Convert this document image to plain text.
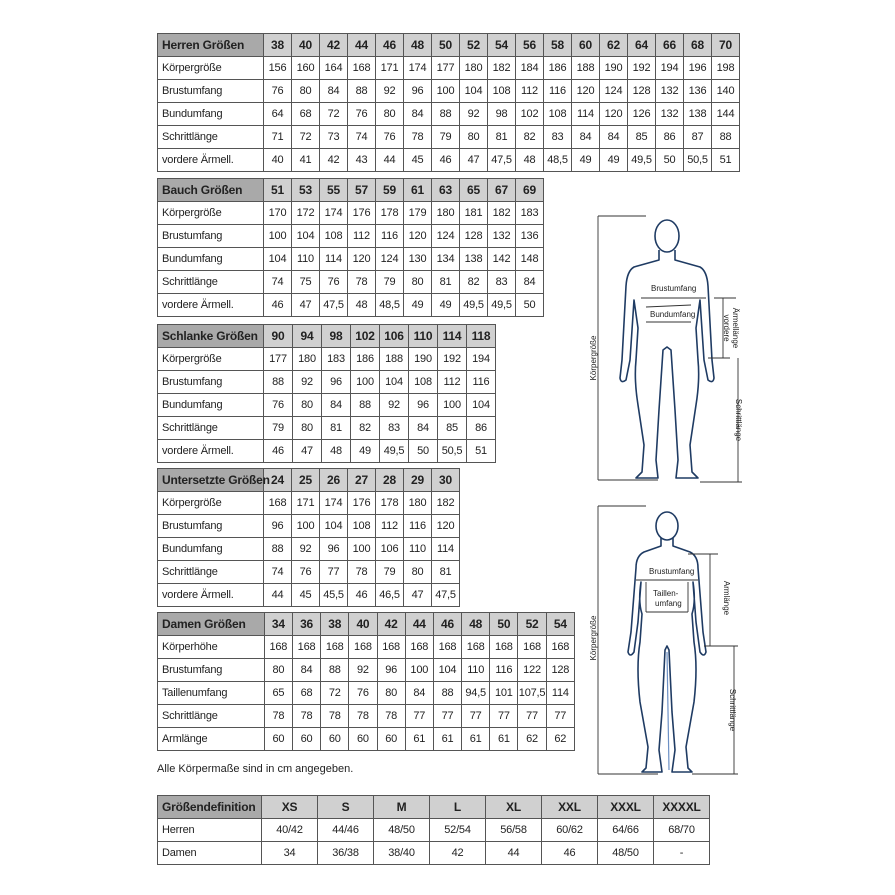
Herren Größen	38	40	42	44	46	48	50	52	54	56	58	60	62	64	66	68	70
Körpergröße	156	160	164	168	171	174	177	180	182	184	186	188	190	192	194	196	198
Brustumfang	76	80	84	88	92	96	100	104	108	112	116	120	124	128	132	136	140
Bundumfang	64	68	72	76	80	84	88	92	98	102	108	114	120	126	132	138	144
Schrittlänge	71	72	73	74	76	78	79	80	81	82	83	84	84	85	86	87	88
vordere Ärmell.	40	41	42	43	44	45	46	47	47,5	48	48,5	49	49	49,5	50	50,5	51
Bauch Größen	51	53	55	57	59	61	63	65	67	69
Körpergröße	170	172	174	176	178	179	180	181	182	183
Brustumfang	100	104	108	112	116	120	124	128	132	136
Bundumfang	104	110	114	120	124	130	134	138	142	148
Schrittlänge	74	75	76	78	79	80	81	82	83	84
vordere Ärmell.	46	47	47,5	48	48,5	49	49	49,5	49,5	50
Schlanke Größen	90	94	98	102	106	110	114	118
Körpergröße	177	180	183	186	188	190	192	194
Brustumfang	88	92	96	100	104	108	112	116
Bundumfang	76	80	84	88	92	96	100	104
Schrittlänge	79	80	81	82	83	84	85	86
vordere Ärmell.	46	47	48	49	49,5	50	50,5	51
Untersetzte Größen	24	25	26	27	28	29	30
Körpergröße	168	171	174	176	178	180	182
Brustumfang	96	100	104	108	112	116	120
Bundumfang	88	92	96	100	106	110	114
Schrittlänge	74	76	77	78	79	80	81
vordere Ärmell.	44	45	45,5	46	46,5	47	47,5
Damen Größen	34	36	38	40	42	44	46	48	50	52	54
Körperhöhe	168	168	168	168	168	168	168	168	168	168	168
Brustumfang	80	84	88	92	96	100	104	110	116	122	128
Taillenumfang	65	68	72	76	80	84	88	94,5	101	107,5	114
Schrittlänge	78	78	78	78	78	77	77	77	77	77	77
Armlänge	60	60	60	60	60	61	61	61	61	62	62
Alle Körpermaße sind in cm angegeben.
Größendefinition	XS	S	M	L	XL	XXL	XXXL	XXXXL
Herren	40/42	44/46	48/50	52/54	56/58	60/62	64/66	68/70
Damen	34	36/38	38/40	42	44	46	48/50	-
Brustumfang
Bundumfang
Körpergröße
vordere Ärmellänge
Schrittlänge
Brustumfang
Taillen-
umfang
Körpergröße
Armlänge
Schrittlänge
